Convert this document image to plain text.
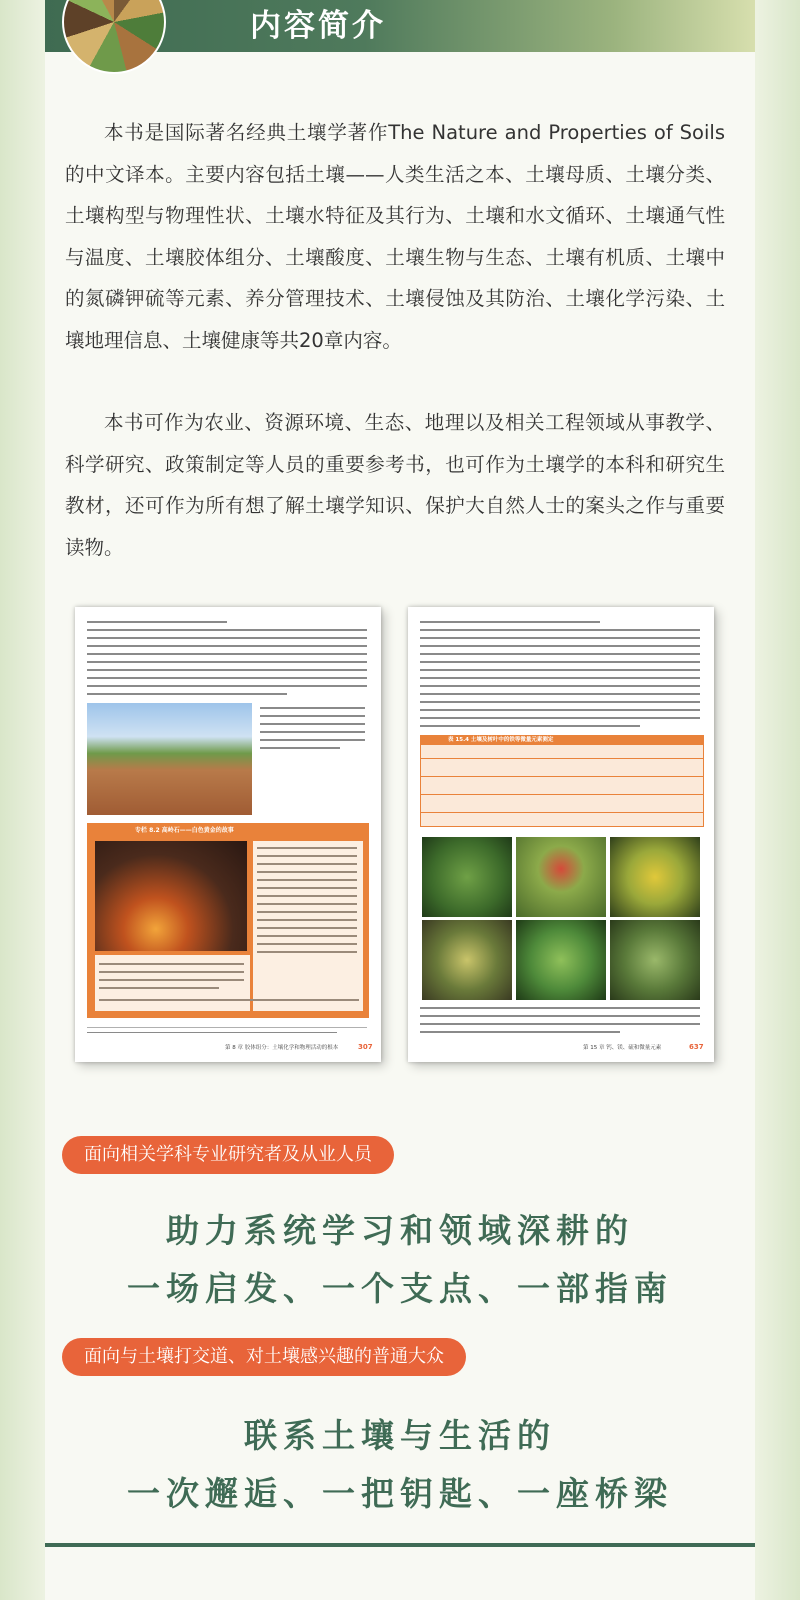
内容简介

本书是国际著名经典土壤学著作The Nature and Properties of Soils的中文译本。主要内容包括土壤——人类生活之本、土壤母质、土壤分类、土壤构型与物理性状、土壤水特征及其行为、土壤和水文循环、土壤通气性与温度、土壤胶体组分、土壤酸度、土壤生物与生态、土壤有机质、土壤中的氮磷钾硫等元素、养分管理技术、土壤侵蚀及其防治、土壤化学污染、土壤地理信息、土壤健康等共20章内容。

本书可作为农业、资源环境、生态、地理以及相关工程领域从事教学、科学研究、政策制定等人员的重要参考书，也可作为土壤学的本科和研究生教材，还可作为所有想了解土壤学知识、保护大自然人士的案头之作与重要读物。

专栏 8.2 高岭石——白色黄金的故事
第 8 章 胶体组分：土壤化学和物理活动的根本	307
表 15.4 土壤及树叶中的铁等微量元素测定
第 15 章 钙、镁、硫和微量元素	637
面向相关学科专业研究者及从业人员
助力系统学习和领域深耕的
一场启发、一个支点、一部指南
面向与土壤打交道、对土壤感兴趣的普通大众
联系土壤与生活的
一次邂逅、一把钥匙、一座桥梁
